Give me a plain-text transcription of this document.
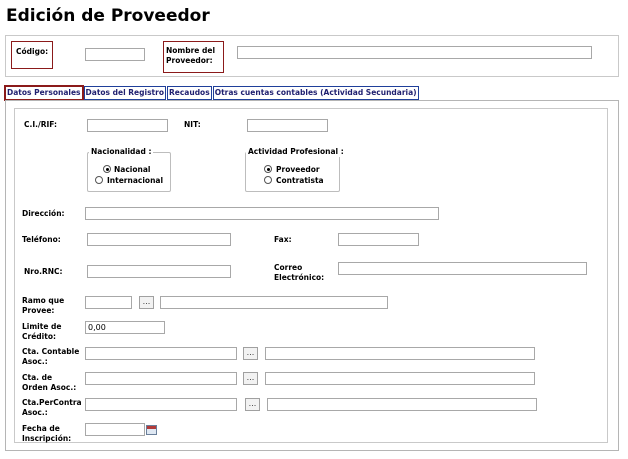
Edición de Proveedor
Código:	Nombre del Proveedor:
Datos Personales Datos del Registro Recaudos Otras cuentas contables (Actividad Secundaria)
C.I./RIF:	NIT:
Nacionalidad :
Nacional
Internacional
Actividad Profesional :
Proveedor
Contratista
Dirección:
Teléfono:	Fax:
Nro.RNC:	Correo Electrónico:
Ramo que Provee:
...
Limite de Crédito:
0,00
Cta. Contable Asoc.:
...
Cta. de Orden Asoc.:
...
Cta.PerContra Asoc.:
...
Fecha de Inscripción:
